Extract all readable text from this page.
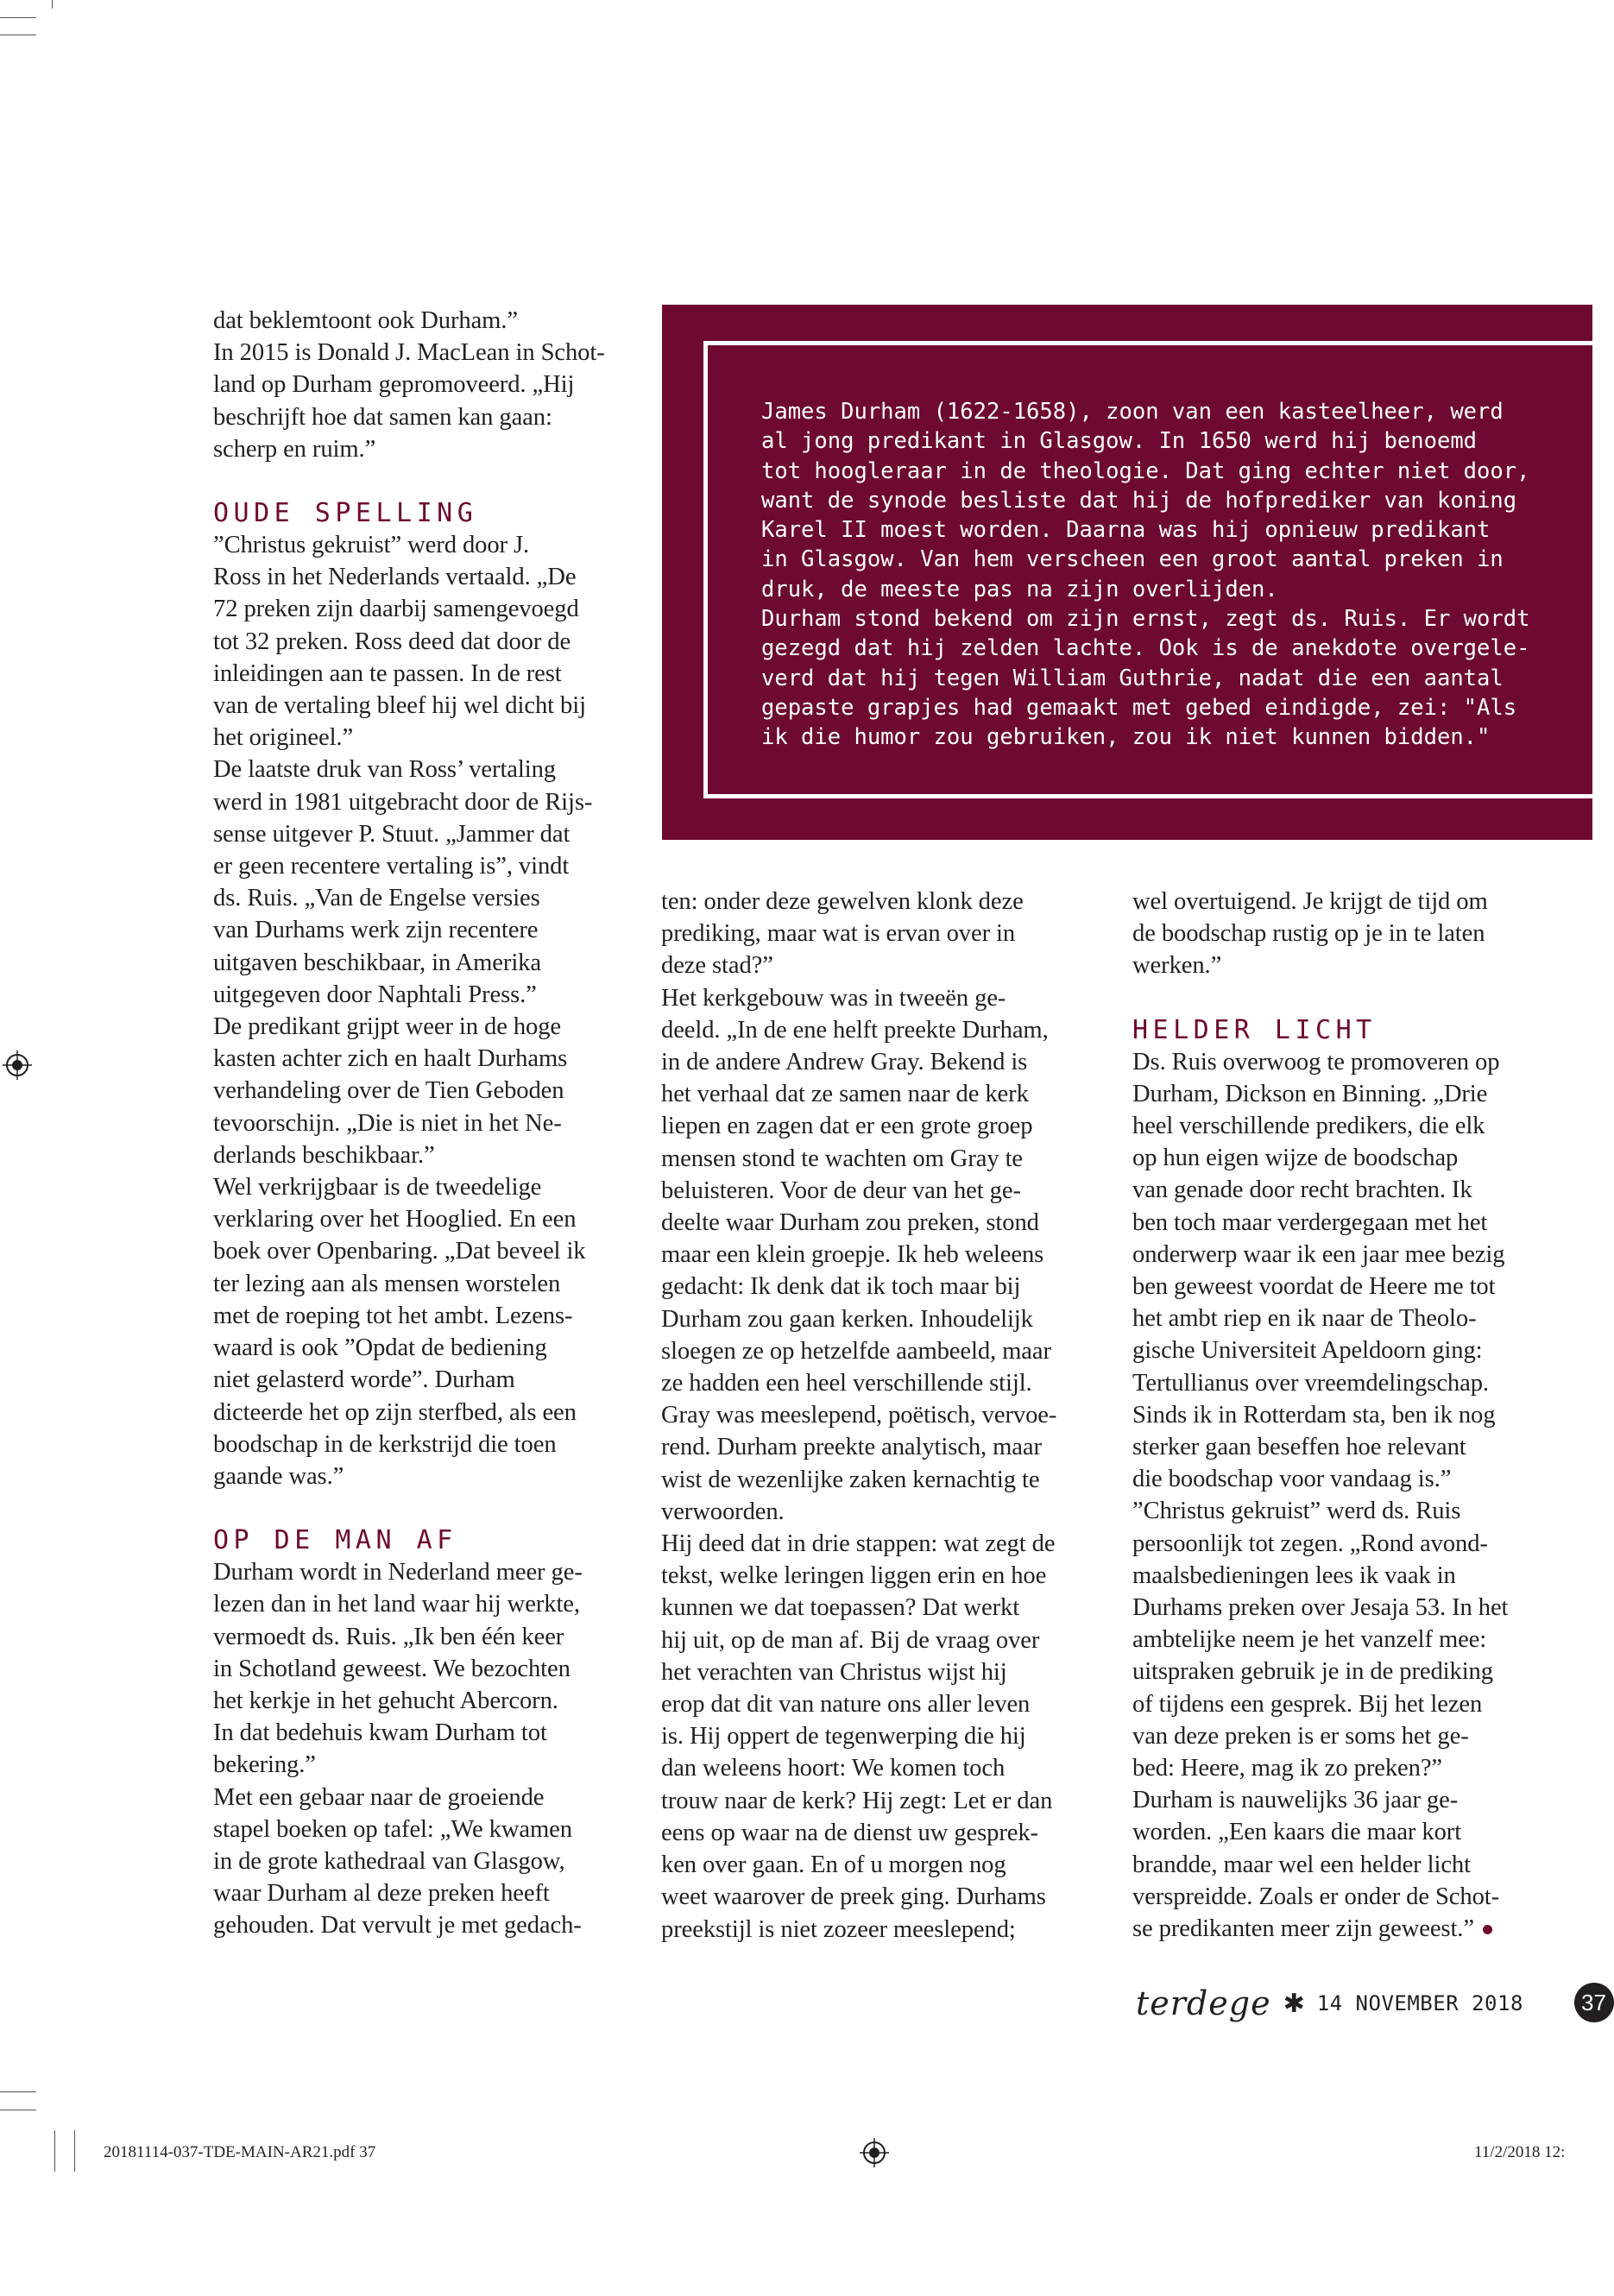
dat beklemtoont ook Durham.”
In 2015 is Donald J. MacLean in Schot-
land op Durham gepromoveerd. „Hij
beschrijft hoe dat samen kan gaan:
scherp en ruim.”

OUDE SPELLING

”Christus gekruist” werd door J.
Ross in het Nederlands vertaald. „De
72 preken zijn daarbij samengevoegd
tot 32 preken. Ross deed dat door de
inleidingen aan te passen. In de rest
van de vertaling bleef hij wel dicht bij
het origineel.”
De laatste druk van Ross’ vertaling
werd in 1981 uitgebracht door de Rijs-
sense uitgever P. Stuut. „Jammer dat
er geen recentere vertaling is”, vindt
ds. Ruis. „Van de Engelse versies
van Durhams werk zijn recentere
uitgaven beschikbaar, in Amerika
uitgegeven door Naphtali Press.”
De predikant grijpt weer in de hoge
kasten achter zich en haalt Durhams
verhandeling over de Tien Geboden
tevoorschijn. „Die is niet in het Ne-
derlands beschikbaar.”
Wel verkrijgbaar is de tweedelige
verklaring over het Hooglied. En een
boek over Openbaring. „Dat beveel ik
ter lezing aan als mensen worstelen
met de roeping tot het ambt. Lezens-
waard is ook ”Opdat de bediening
niet gelasterd worde”. Durham
dicteerde het op zijn sterfbed, als een
boodschap in de kerkstrijd die toen
gaande was.”

OP DE MAN AF

Durham wordt in Nederland meer ge-
lezen dan in het land waar hij werkte,
vermoedt ds. Ruis. „Ik ben één keer
in Schotland geweest. We bezochten
het kerkje in het gehucht Abercorn.
In dat bedehuis kwam Durham tot
bekering.”
Met een gebaar naar de groeiende
stapel boeken op tafel: „We kwamen
in de grote kathedraal van Glasgow,
waar Durham al deze preken heeft
gehouden. Dat vervult je met gedach-

James Durham (1622-1658), zoon van een kasteelheer, werd
al jong predikant in Glasgow. In 1650 werd hij benoemd
tot hoogleraar in de theologie. Dat ging echter niet door,
want de synode besliste dat hij de hofprediker van koning
Karel II moest worden. Daarna was hij opnieuw predikant
in Glasgow. Van hem verscheen een groot aantal preken in
druk, de meeste pas na zijn overlijden.
Durham stond bekend om zijn ernst, zegt ds. Ruis. Er wordt
gezegd dat hij zelden lachte. Ook is de anekdote overgele-
verd dat hij tegen William Guthrie, nadat die een aantal
gepaste grapjes had gemaakt met gebed eindigde, zei: "Als
ik die humor zou gebruiken, zou ik niet kunnen bidden."

ten: onder deze gewelven klonk deze
prediking, maar wat is ervan over in
deze stad?”
Het kerkgebouw was in tweeën ge-
deeld. „In de ene helft preekte Durham,
in de andere Andrew Gray. Bekend is
het verhaal dat ze samen naar de kerk
liepen en zagen dat er een grote groep
mensen stond te wachten om Gray te
beluisteren. Voor de deur van het ge-
deelte waar Durham zou preken, stond
maar een klein groepje. Ik heb weleens
gedacht: Ik denk dat ik toch maar bij
Durham zou gaan kerken. Inhoudelijk
sloegen ze op hetzelfde aambeeld, maar
ze hadden een heel verschillende stijl.
Gray was meeslepend, poëtisch, vervoe-
rend. Durham preekte analytisch, maar
wist de wezenlijke zaken kernachtig te
verwoorden.
Hij deed dat in drie stappen: wat zegt de
tekst, welke leringen liggen erin en hoe
kunnen we dat toepassen? Dat werkt
hij uit, op de man af. Bij de vraag over
het verachten van Christus wijst hij
erop dat dit van nature ons aller leven
is. Hij oppert de tegenwerping die hij
dan weleens hoort: We komen toch
trouw naar de kerk? Hij zegt: Let er dan
eens op waar na de dienst uw gesprek-
ken over gaan. En of u morgen nog
weet waarover de preek ging. Durhams
preekstijl is niet zozeer meeslepend;

wel overtuigend. Je krijgt de tijd om
de boodschap rustig op je in te laten
werken.”

HELDER LICHT

Ds. Ruis overwoog te promoveren op
Durham, Dickson en Binning. „Drie
heel verschillende predikers, die elk
op hun eigen wijze de boodschap
van genade door recht brachten. Ik
ben toch maar verdergegaan met het
onderwerp waar ik een jaar mee bezig
ben geweest voordat de Heere me tot
het ambt riep en ik naar de Theolo-
gische Universiteit Apeldoorn ging:
Tertullianus over vreemdelingschap.
Sinds ik in Rotterdam sta, ben ik nog
sterker gaan beseffen hoe relevant
die boodschap voor vandaag is.”
”Christus gekruist” werd ds. Ruis
persoonlijk tot zegen. „Rond avond-
maalsbedieningen lees ik vaak in
Durhams preken over Jesaja 53. In het
ambtelijke neem je het vanzelf mee:
uitspraken gebruik je in de prediking
of tijdens een gesprek. Bij het lezen
van deze preken is er soms het ge-
bed: Heere, mag ik zo preken?”
Durham is nauwelijks 36 jaar ge-
worden. „Een kaars die maar kort
brandde, maar wel een helder licht
verspreidde. Zoals er onder de Schot-
se predikanten meer zijn geweest.”

terdege ✱ 14 NOVEMBER 2018	37
20181114-037-TDE-MAIN-AR21.pdf 37	11/2/2018 12:
